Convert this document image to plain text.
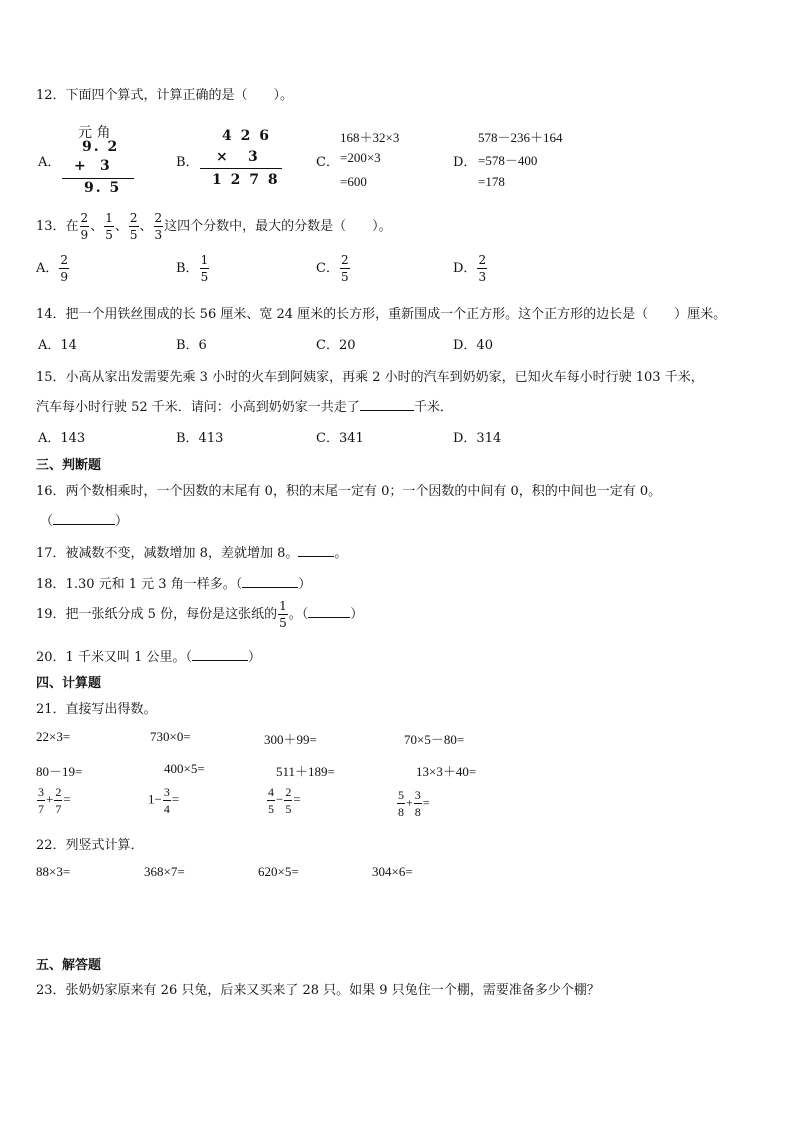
12．下面四个算式，计算正确的是（　　）。
A．
元 角
9. 2
+ 3
9. 5
B．
4 2 6
× 3
1 2 7 8
C．
168＋32×3
=200×3
=600
D．
578－236＋164
=578－400
=178
13．在 $\frac{2}{9}$ 、 $\frac{1}{5}$ 、 $\frac{2}{5}$ 、 $\frac{2}{3}$ 这四个分数中，最大的分数是（　　）。
A． $\frac{2}{9}$	B． $\frac{1}{5}$	C． $\frac{2}{5}$	D． $\frac{2}{3}$
14．把一个用铁丝围成的长 56 厘米、宽 24 厘米的长方形，重新围成一个正方形。这个正方形的边长是（　　）厘米。
A．14	B．6	C．20	D．40
15．小高从家出发需要先乘 3 小时的火车到阿姨家，再乘 2 小时的汽车到奶奶家，已知火车每小时行驶 103 千米，
汽车每小时行驶 52 千米．请问：小高到奶奶家一共走了	千米．
A．143	B．413	C．341	D．314
三、判断题
16．两个数相乘时，一个因数的末尾有 0，积的末尾一定有 0；一个因数的中间有 0，积的中间也一定有 0。
（	）
17．被减数不变，减数增加 8，差就增加 8。	。
18．1.30 元和 1 元 3 角一样多。（	）
19．把一张纸分成 5 份，每份是这张纸的 $\frac{1}{5}$ 。（	）
20．1 千米又叫 1 公里。（	）
四、计算题
21．直接写出得数。
22×3=	730×0=	300＋99=	70×5－80=
80－19=	400×5=	511＋189=	13×3＋40=
$\frac{3}{7} + \frac{2}{7}$ =	$1- \frac{3}{4}$ =	$\frac{4}{5} - \frac{2}{5}$ =	$\frac{5}{8} + \frac{3}{8}$ =
22．列竖式计算．
88×3=	368×7=	620×5=	304×6=
五、解答题
23．张奶奶家原来有 26 只兔，后来又买来了 28 只。如果 9 只兔住一个棚，需要准备多少个棚？
